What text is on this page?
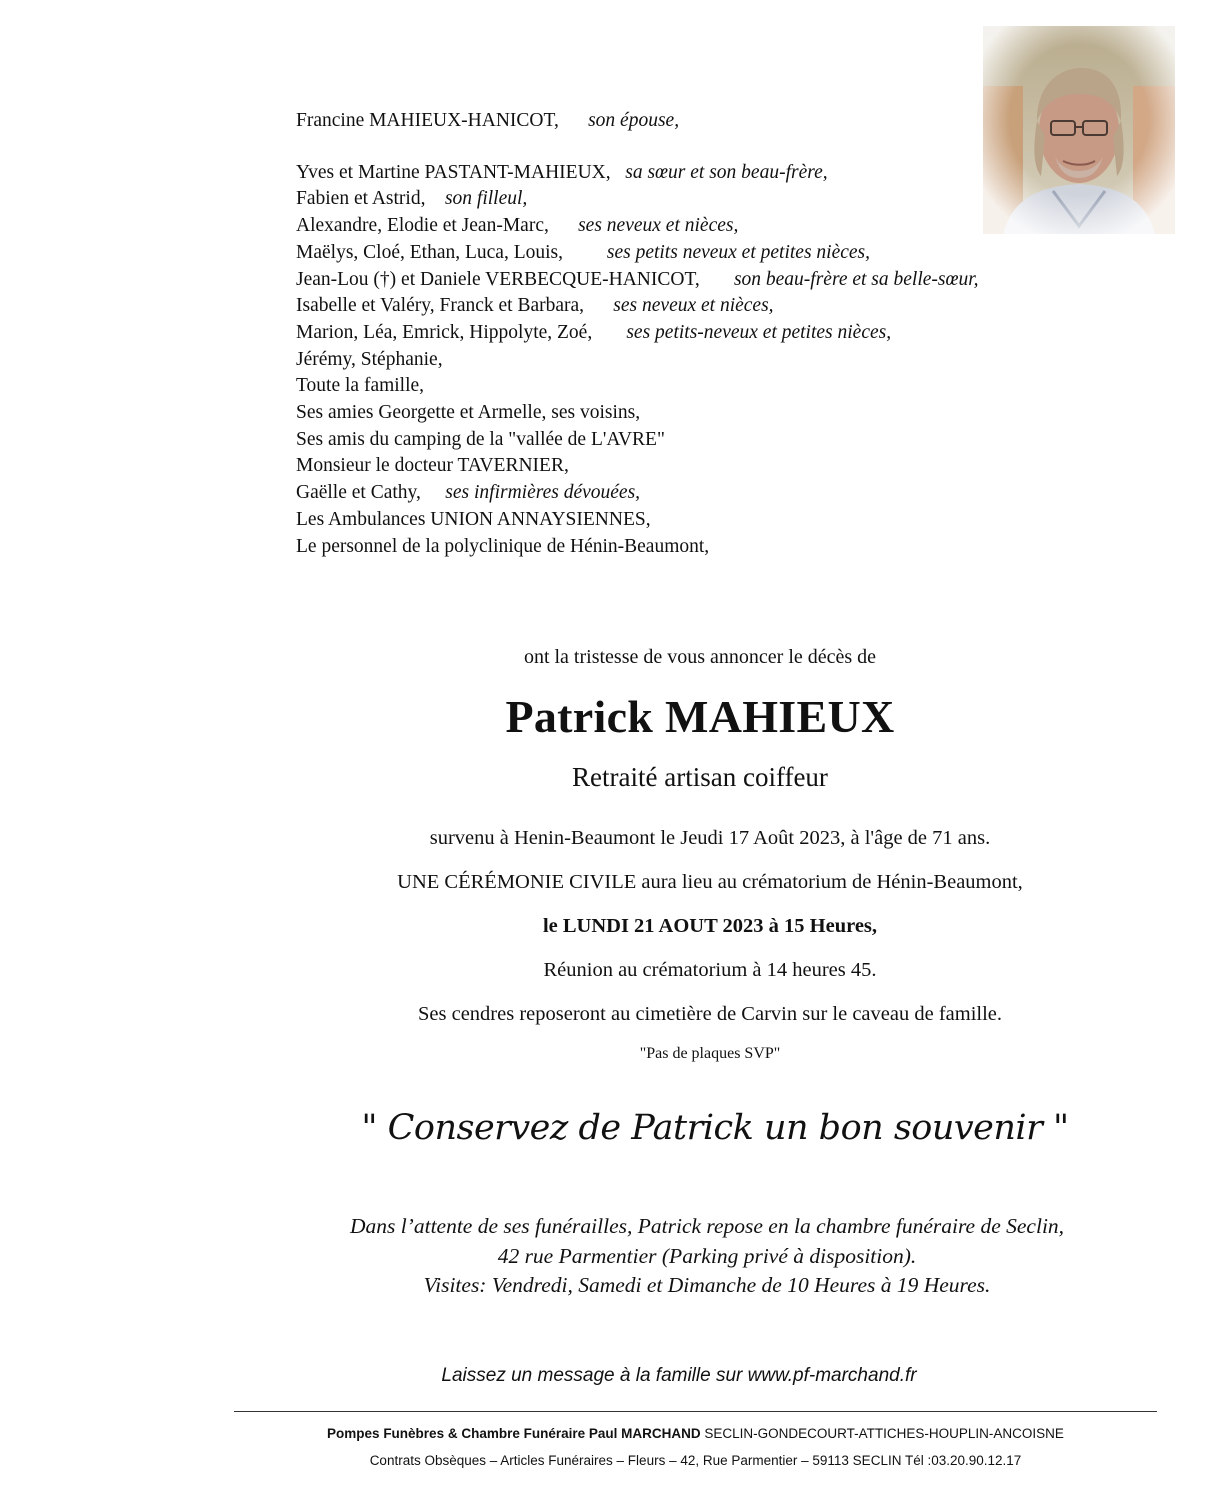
Francine MAHIEUX-HANICOT, son épouse,
Yves et Martine PASTANT-MAHIEUX, sa sœur et son beau-frère,
Fabien et Astrid, son filleul,
Alexandre, Elodie et Jean-Marc, ses neveux et nièces,
Maëlys, Cloé, Ethan, Luca, Louis, ses petits neveux et petites nièces,
Jean-Lou (†) et Daniele VERBECQUE-HANICOT, son beau-frère et sa belle-sœur,
Isabelle et Valéry, Franck et Barbara, ses neveux et nièces,
Marion, Léa, Emrick, Hippolyte, Zoé, ses petits-neveux et petites nièces,
Jérémy, Stéphanie,
Toute la famille,
Ses amies Georgette et Armelle, ses voisins,
Ses amis du camping de la "vallée de L'AVRE"
Monsieur le docteur TAVERNIER,
Gaëlle et Cathy, ses infirmières dévouées,
Les Ambulances UNION ANNAYSIENNES,
Le personnel de la polyclinique de Hénin-Beaumont,
ont la tristesse de vous annoncer le décès de
Patrick MAHIEUX
Retraité artisan coiffeur
survenu à Henin-Beaumont le Jeudi 17 Août 2023, à l'âge de 71 ans.
UNE CÉRÉMONIE CIVILE aura lieu au crématorium de Hénin-Beaumont,
le LUNDI 21 AOUT 2023 à 15 Heures,
Réunion au crématorium à 14 heures 45.
Ses cendres reposeront au cimetière de Carvin sur le caveau de famille.
"Pas de plaques SVP"
" Conservez de Patrick un bon souvenir "
Dans l’attente de ses funérailles, Patrick repose en la chambre funéraire de Seclin,
42 rue Parmentier (Parking privé à disposition).
Visites: Vendredi, Samedi et Dimanche de 10 Heures à 19 Heures.
Laissez un message à la famille sur www.pf-marchand.fr
Pompes Funèbres & Chambre Funéraire Paul MARCHAND SECLIN-GONDECOURT-ATTICHES-HOUPLIN-ANCOISNE
Contrats Obsèques – Articles Funéraires – Fleurs – 42, Rue Parmentier – 59113 SECLIN Tél :03.20.90.12.17
